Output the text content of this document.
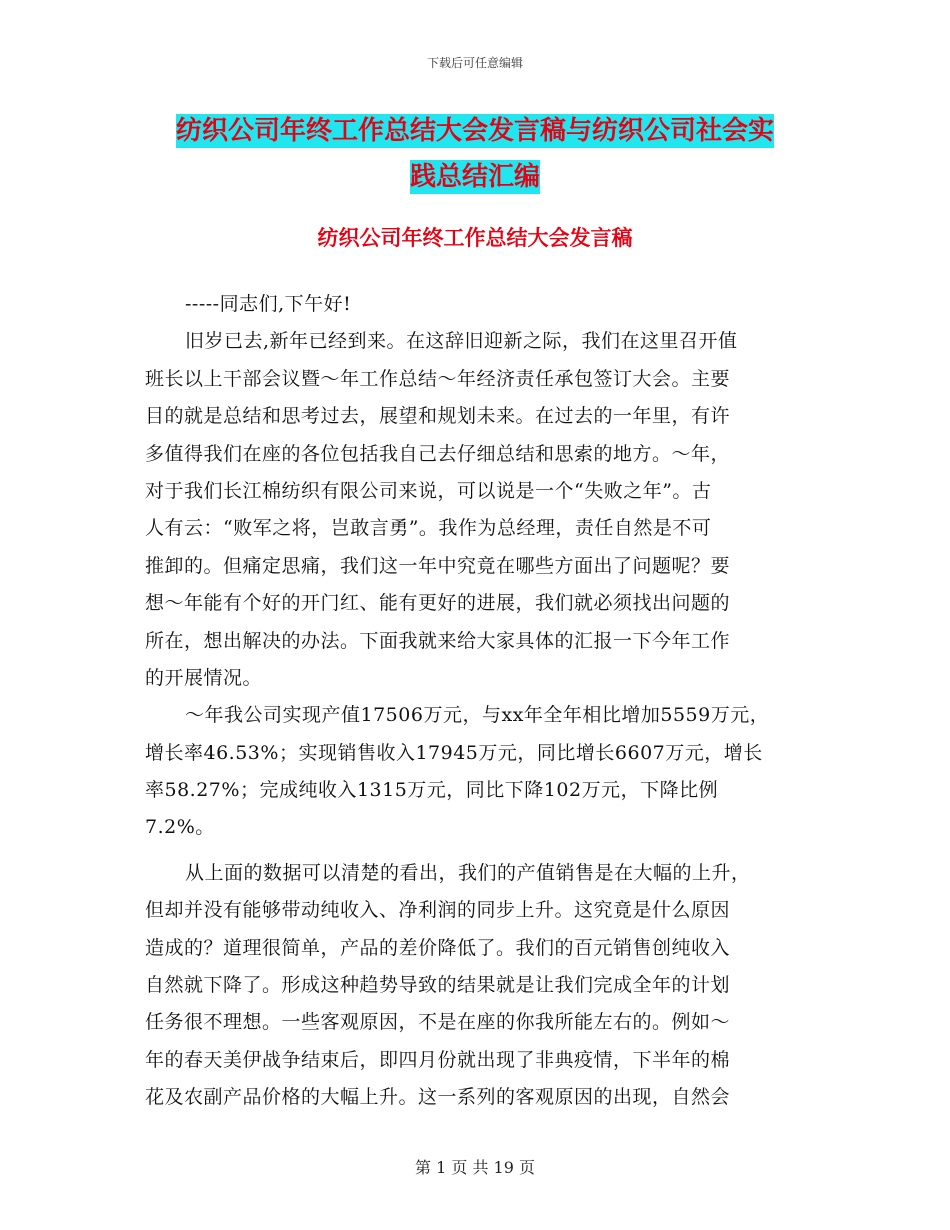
下载后可任意编辑
纺织公司年终工作总结大会发言稿与纺织公司社会实
践总结汇编
纺织公司年终工作总结大会发言稿
-----同志们,下午好!
旧岁已去,新年已经到来。在这辞旧迎新之际，我们在这里召开值
班长以上干部会议暨～年工作总结～年经济责任承包签订大会。主要
目的就是总结和思考过去，展望和规划未来。在过去的一年里，有许
多值得我们在座的各位包括我自己去仔细总结和思索的地方。～年，
对于我们长江棉纺织有限公司来说，可以说是一个“失败之年”。古
人有云：“败军之将，岂敢言勇”。我作为总经理，责任自然是不可
推卸的。但痛定思痛，我们这一年中究竟在哪些方面出了问题呢？要
想～年能有个好的开门红、能有更好的进展，我们就必须找出问题的
所在，想出解决的办法。下面我就来给大家具体的汇报一下今年工作
的开展情况。
～年我公司实现产值17506万元，与xx年全年相比增加5559万元，
增长率46.53%；实现销售收入17945万元，同比增长6607万元，增长
率58.27%；完成纯收入1315万元，同比下降102万元，下降比例
7.2%。
从上面的数据可以清楚的看出，我们的产值销售是在大幅的上升，
但却并没有能够带动纯收入、净利润的同步上升。这究竟是什么原因
造成的？道理很简单，产品的差价降低了。我们的百元销售创纯收入
自然就下降了。形成这种趋势导致的结果就是让我们完成全年的计划
任务很不理想。一些客观原因，不是在座的你我所能左右的。例如～
年的春天美伊战争结束后，即四月份就出现了非典疫情，下半年的棉
花及农副产品价格的大幅上升。这一系列的客观原因的出现，自然会
第 1 页 共 19 页
